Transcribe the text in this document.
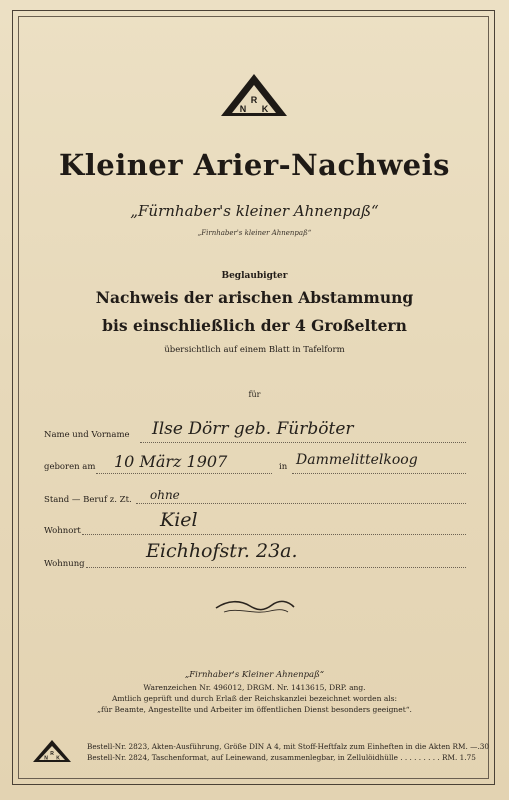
R
N K
Kleiner Arier-Nachweis
„Fürnhaber's kleiner Ahnenpaß“
„Firnhaber's kleiner Ahnenpaß“
Beglaubigter
Nachweis der arischen Abstammung
bis einschließlich der 4 Großeltern
übersichtlich auf einem Blatt in Tafelform
für
Name und Vorname Ilse Dörr geb. Fürböter
geboren am 10 März 1907	in Dammelittelkoog
Stand — Beruf z. Zt. ohne
Wohnort	Kiel
Wohnung
Eichhofstr. 23a.
„Firnhaber's Kleiner Ahnenpaß“
Warenzeichen Nr. 496012, DRGM. Nr. 1413615, DRP. ang.
Amtlich geprüft und durch Erlaß der Reichskanzlei bezeichnet worden als:
„für Beamte, Angestellte und Arbeiter im öffentlichen Dienst besonders geeignet“.
R
N K
Bestell-Nr. 2823, Akten-Ausführung, Größe DIN A 4, mit Stoff-Heftfalz zum Einheften in die Akten RM. —.30
Bestell-Nr. 2824, Taschenformat, auf Leinewand, zusammenlegbar, in Zellulöidhülle . . . . . . . . . RM. 1.75
